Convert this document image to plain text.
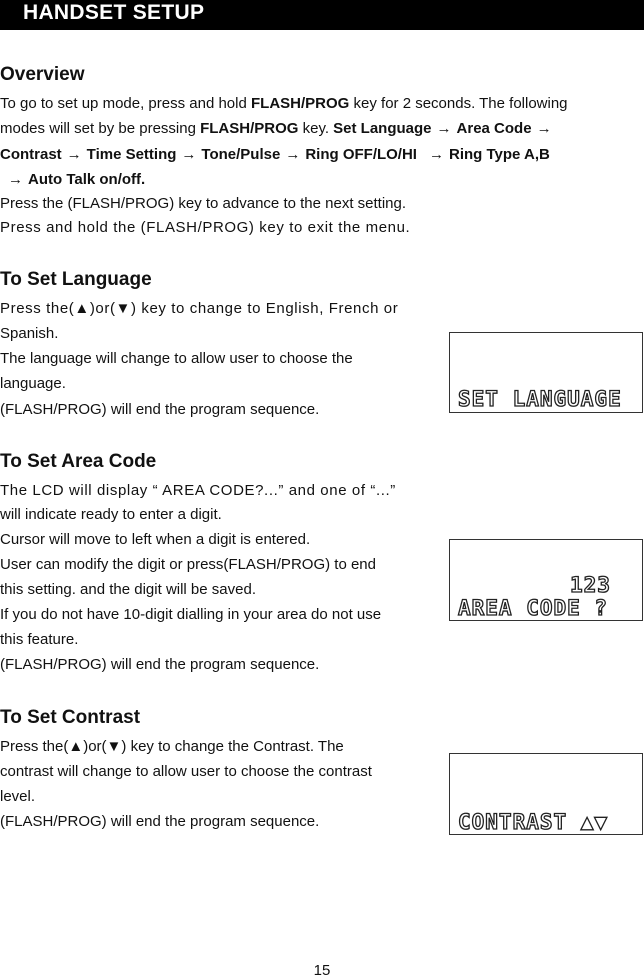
HANDSET SETUP
Overview
To go to set up mode, press and hold FLASH/PROG key for 2 seconds. The following
modes will set by be pressing FLASH/PROG key. Set Language → Area Code →
Contrast → Time Setting → Tone/Pulse → Ring OFF/LO/HI → Ring Type A,B
→ Auto Talk on/off.
Press the (FLASH/PROG) key to advance to the next setting.
Press and hold the (FLASH/PROG) key to exit the menu.
To Set Language
Press the(▲)or(▼) key to change to English, French or
Spanish.
The language will change to allow user to choose the
language.
(FLASH/PROG) will end the program sequence.	SET LANGUAGE
To Set Area Code
The LCD will display “ AREA CODE?...” and one of “...”
will indicate ready to enter a digit.
Cursor will move to left when a digit is entered.
User can modify the digit or press(FLASH/PROG) to end
this setting. and the digit will be saved.
If you do not have 10-digit dialling in your area do not use
this feature.
(FLASH/PROG) will end the program sequence.
123
AREA CODE ?
To Set Contrast
Press the(▲)or(▼) key to change the Contrast. The
contrast will change to allow user to choose the contrast
level.
(FLASH/PROG) will end the program sequence.	CONTRAST ▲▼
15
